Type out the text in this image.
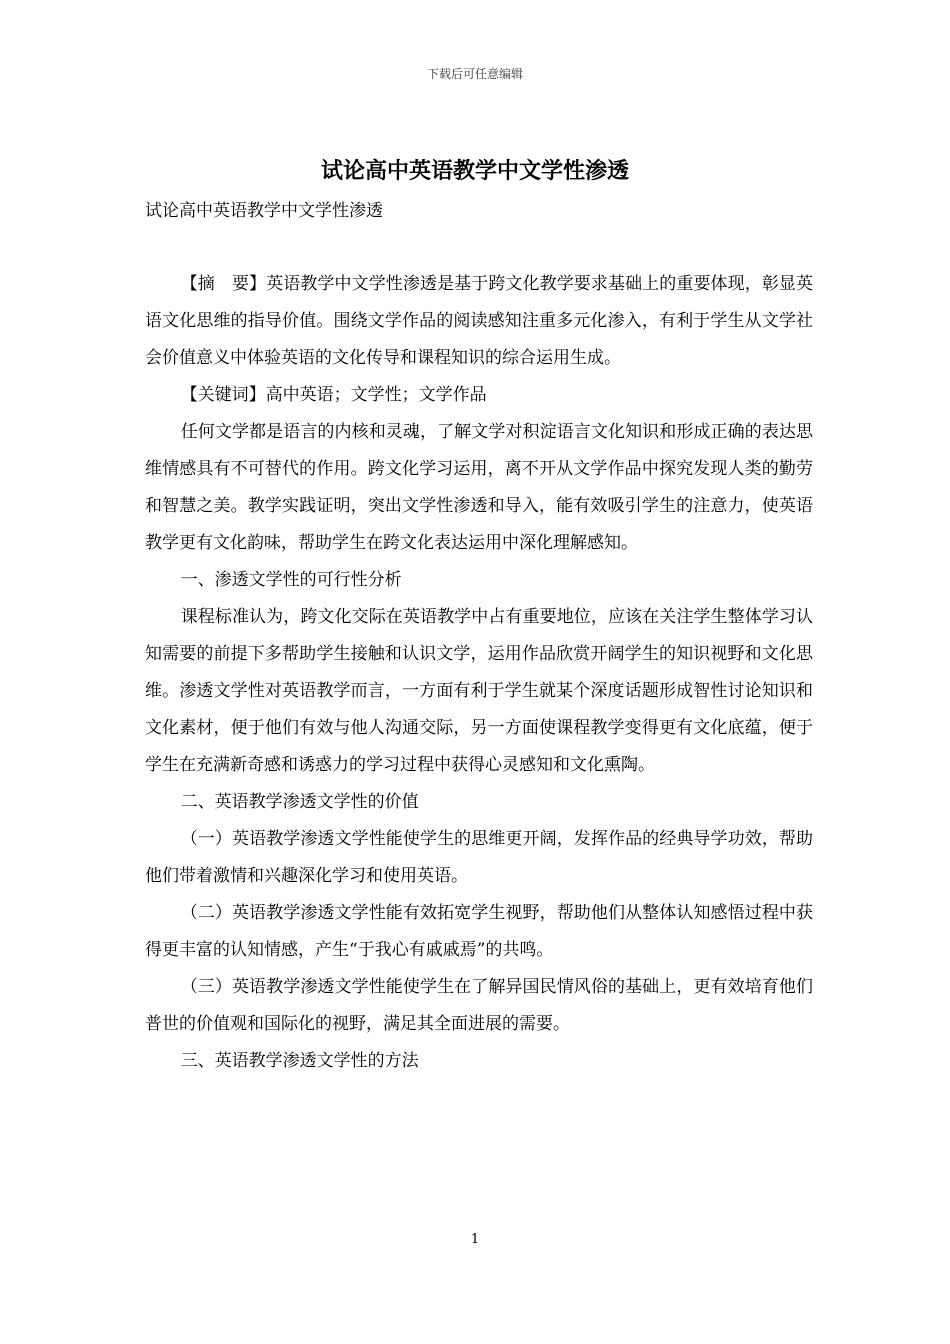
下载后可任意编辑
试论高中英语教学中文学性渗透
试论高中英语教学中文学性渗透

【摘　要】英语教学中文学性渗透是基于跨文化教学要求基础上的重要体现，彰显英语文化思维的指导价值。围绕文学作品的阅读感知注重多元化渗入，有利于学生从文学社会价值意义中体验英语的文化传导和课程知识的综合运用生成。

【关键词】高中英语；文学性；文学作品

任何文学都是语言的内核和灵魂，了解文学对积淀语言文化知识和形成正确的表达思维情感具有不可替代的作用。跨文化学习运用，离不开从文学作品中探究发现人类的勤劳和智慧之美。教学实践证明，突出文学性渗透和导入，能有效吸引学生的注意力，使英语教学更有文化韵味，帮助学生在跨文化表达运用中深化理解感知。

一、渗透文学性的可行性分析

课程标准认为，跨文化交际在英语教学中占有重要地位，应该在关注学生整体学习认知需要的前提下多帮助学生接触和认识文学，运用作品欣赏开阔学生的知识视野和文化思维。渗透文学性对英语教学而言，一方面有利于学生就某个深度话题形成智性讨论知识和文化素材，便于他们有效与他人沟通交际，另一方面使课程教学变得更有文化底蕴，便于学生在充满新奇感和诱惑力的学习过程中获得心灵感知和文化熏陶。

二、英语教学渗透文学性的价值

（一）英语教学渗透文学性能使学生的思维更开阔，发挥作品的经典导学功效，帮助他们带着激情和兴趣深化学习和使用英语。

（二）英语教学渗透文学性能有效拓宽学生视野，帮助他们从整体认知感悟过程中获得更丰富的认知情感，产生“于我心有戚戚焉”的共鸣。

（三）英语教学渗透文学性能使学生在了解异国民情风俗的基础上，更有效培育他们普世的价值观和国际化的视野，满足其全面进展的需要。

三、英语教学渗透文学性的方法

1
